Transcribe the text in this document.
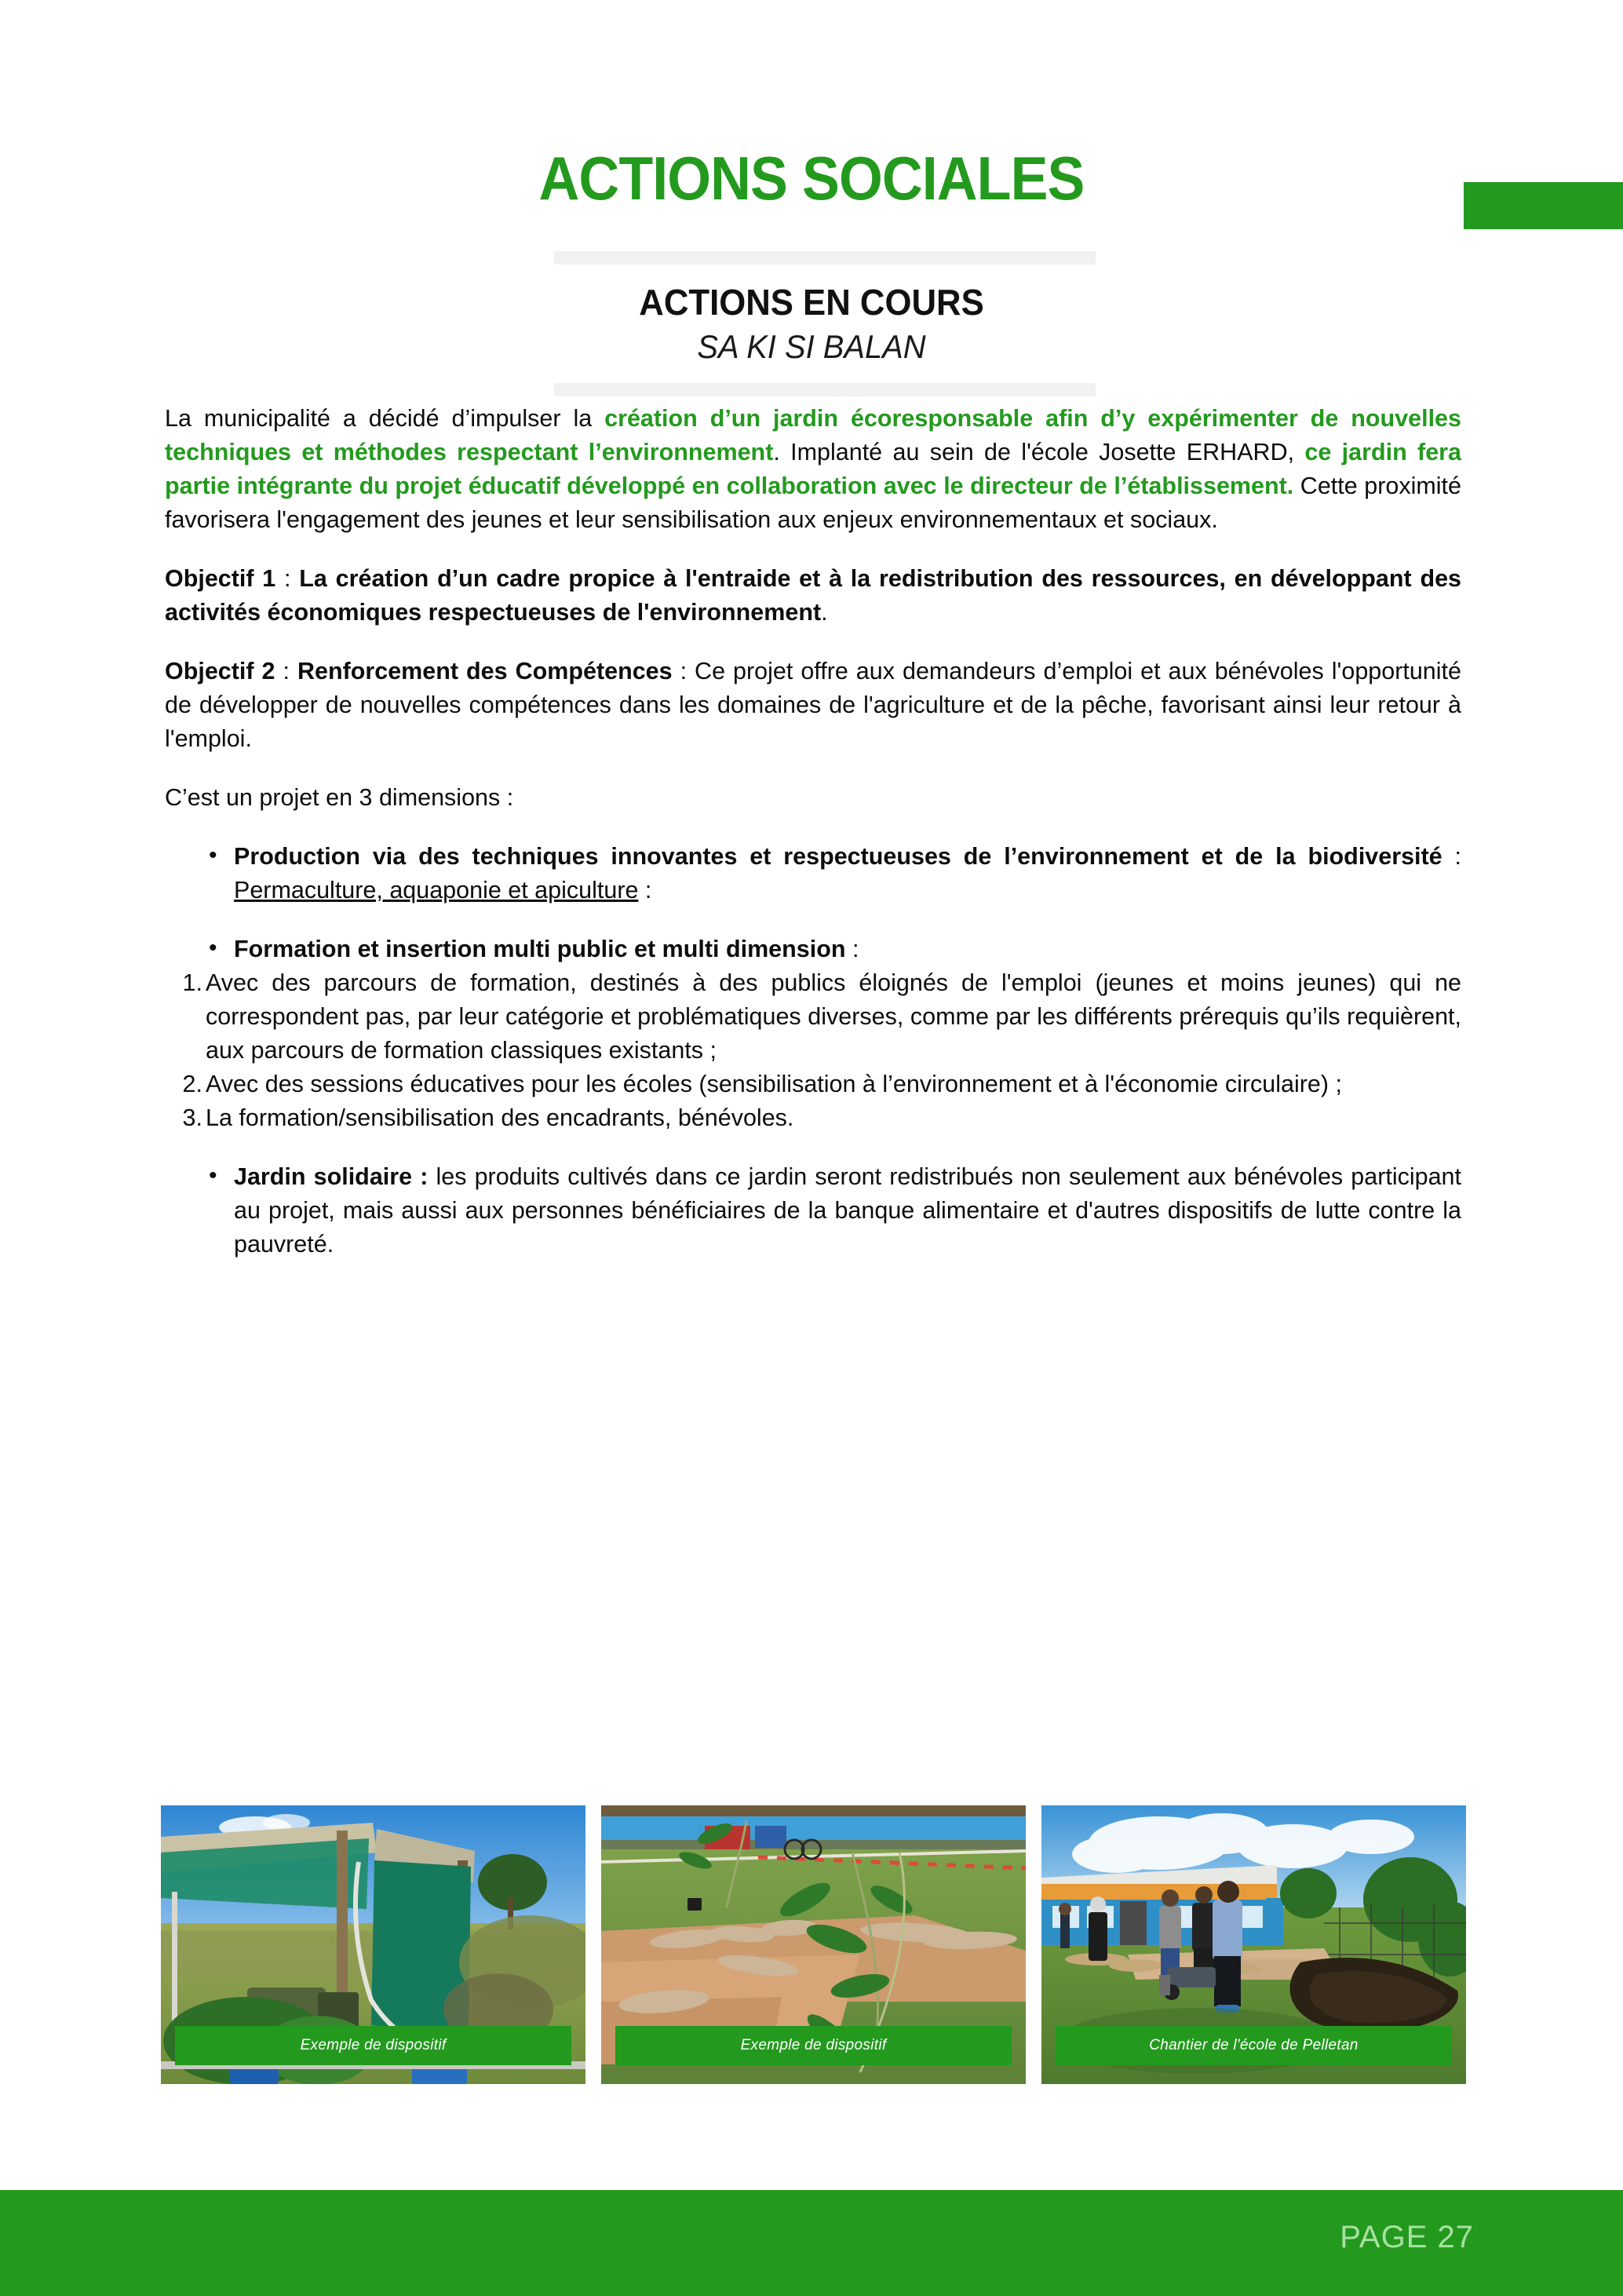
ACTIONS SOCIALES
ACTIONS EN COURS
SA KI SI BALAN

La municipalité a décidé d’impulser la création d’un jardin écoresponsable afin d’y expérimenter de nouvelles techniques et méthodes respectant l’environnement. Implanté au sein de l'école Josette ERHARD, ce jardin fera partie intégrante du projet éducatif développé en collaboration avec le directeur de l’établissement. Cette proximité favorisera l'engagement des jeunes et leur sensibilisation aux enjeux environnementaux et sociaux.

Objectif 1 : La création d’un cadre propice à l'entraide et à la redistribution des ressources, en développant des activités économiques respectueuses de l'environnement.

Objectif 2 : Renforcement des Compétences : Ce projet offre aux demandeurs d’emploi et aux bénévoles l'opportunité de développer de nouvelles compétences dans les domaines de l'agriculture et de la pêche, favorisant ainsi leur retour à l'emploi.

C’est un projet en 3 dimensions :

• Production via des techniques innovantes et respectueuses de l’environnement et de la biodiversité : Permaculture, aquaponie et apiculture :
• Formation et insertion multi public et multi dimension :
Avec des parcours de formation, destinés à des publics éloignés de l'emploi (jeunes et moins jeunes) qui ne correspondent pas, par leur catégorie et problématiques diverses, comme par les différents prérequis qu’ils requièrent, aux parcours de formation classiques existants ;
Avec des sessions éducatives pour les écoles (sensibilisation à l’environnement et à l'économie circulaire) ;
La formation/sensibilisation des encadrants, bénévoles.
• Jardin solidaire : les produits cultivés dans ce jardin seront redistribués non seulement aux bénévoles participant au projet, mais aussi aux personnes bénéficiaires de la banque alimentaire et d'autres dispositifs de lutte contre la pauvreté.
Exemple de dispositif	Exemple de dispositif	Chantier de l'école de Pelletan
PAGE 27
